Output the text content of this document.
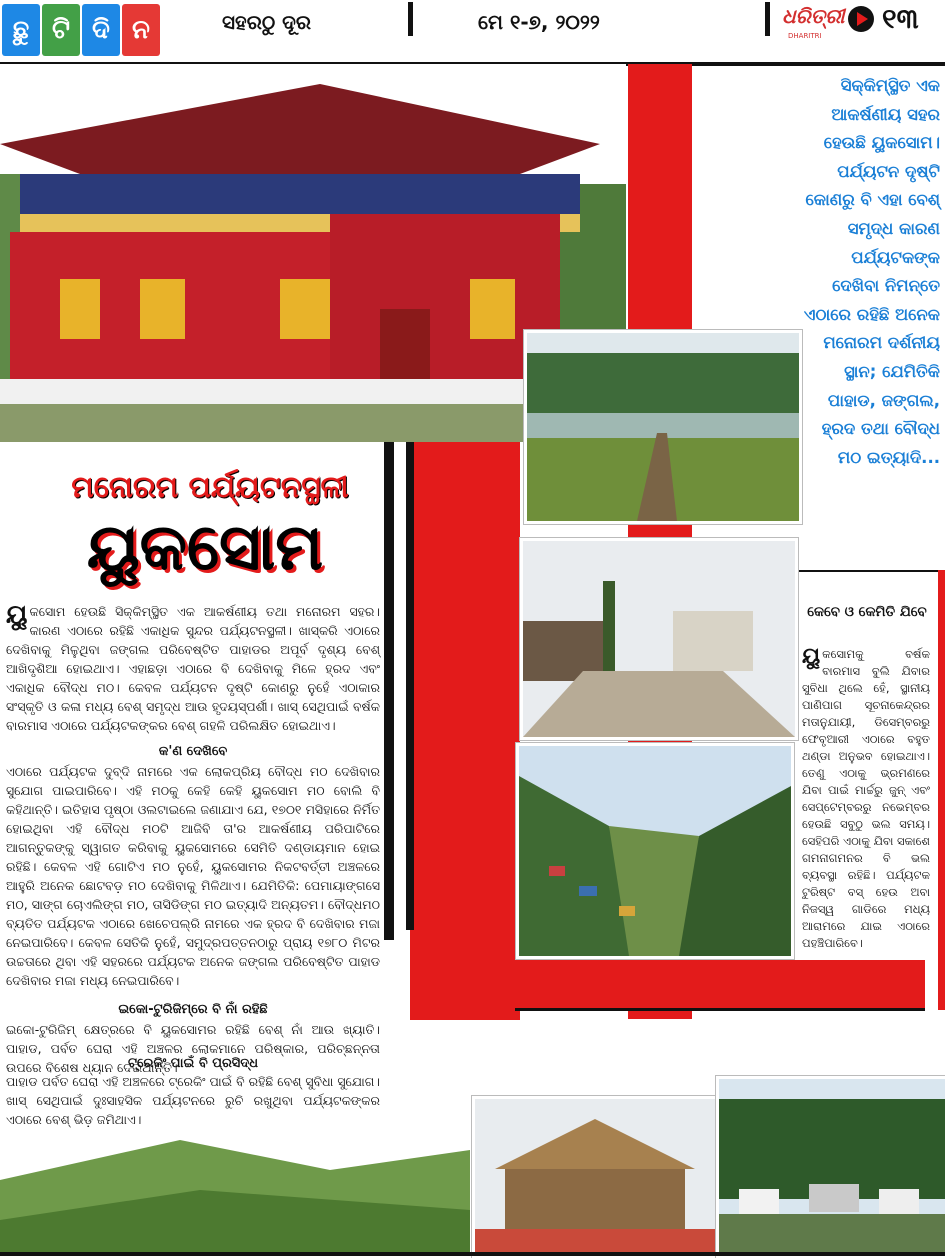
ଛୁ ଟି ଦି ନ	ସହରଠୁ ଦୂର	ମେ ୧-୭, ୨୦୨୨	ଧରିତ୍ରୀ
DHARITRI
୧୩
ମନୋରମ ପର୍ଯ୍ୟଟନସ୍ଥଳୀ
ୟୁକସୋମ
ୟୁକସୋମ ହେଉଛି ସିକ୍କିମ୍‌ସ୍ଥିତ ଏକ ଆକର୍ଷଣୀୟ ତଥା ମନୋରମ ସହର। କାରଣ ଏଠାରେ ରହିଛି ଏକାଧିକ ସୁନ୍ଦର ପର୍ଯ୍ୟଟନସ୍ଥଳୀ। ଖାସ୍‌କରି ଏଠାରେ ଦେଖିବାକୁ ମିଳୁଥିବା ଜଙ୍ଗଲ ପରିବେଷ୍ଟିତ ପାହାଡର ଅପୂର୍ବ ଦୃଶ୍ୟ ବେଶ୍ ଆଖିଦୃଶିଆ ହୋଇଥାଏ। ଏହାଛଡ଼ା ଏଠାରେ ବି ଦେଖିବାକୁ ମିଳେ ହ୍ରଦ ଏବଂ ଏକାଧିକ ବୌଦ୍ଧ ମଠ। କେବଳ ପର୍ଯ୍ୟଟନ ଦୃଷ୍ଟି କୋଣରୁ ନୁହେଁ ଏଠାକାର ସଂସ୍କୃତି ଓ କଳା ମଧ୍ୟ ବେଶ୍ ସମୃଦ୍ଧ ଆଉ ହୃଦୟସ୍ପର୍ଶୀ। ଖାସ୍ ସେଥିପାଇଁ ବର୍ଷକ ବାରମାସ ଏଠାରେ ପର୍ଯ୍ୟଟକଙ୍କର ବେଶ୍ ଗହଳି ପରିଲକ୍ଷିତ ହୋଇଥାଏ।
କ'ଣ ଦେଖିବେ
ଏଠାରେ ପର୍ଯ୍ୟଟକ ଦୁବ୍‌ଦି ନାମରେ ଏକ ଲୋକପ୍ରିୟ ବୌଦ୍ଧ ମଠ ଦେଖିବାର ସୁଯୋଗ ପାଇପାରିବେ। ଏହି ମଠକୁ କେହି କେହି ୟୁକସୋମ ମଠ ବୋଲି ବି କହିଥାନ୍ତି। ଇତିହାସ ପୃଷ୍ଠା ଓଲଟାଇଲେ ଜଣାଯାଏ ଯେ, ୧୭୦୧ ମସିହାରେ ନିର୍ମିତ ହୋଇଥିବା ଏହି ବୌଦ୍ଧ ମଠଟି ଆଜିବି ତା'ର ଆକର୍ଷଣୀୟ ପରିପାଟିରେ ଆଗନ୍ତୁକଙ୍କୁ ସ୍ୱାଗତ କରିବାକୁ ୟୁକସୋମରେ ସେମିତି ଦଣ୍ଡାୟମାନ ହୋଇ ରହିଛି। କେବଳ ଏହି ଗୋଟିଏ ମଠ ନୁହେଁ, ୟୁକସୋମର ନିକଟବର୍ତ୍ତୀ ଅଞ୍ଚଳରେ ଆହୁରି ଅନେକ ଛୋଟବଡ଼ ମଠ ଦେଖିବାକୁ ମିଳିଥାଏ। ଯେମିତିକି: ପେମାୟାଙ୍ଗସେ ମଠ, ସାଙ୍ଗ ଚୋଏଲିଙ୍ଗ ମଠ, ତାସିଡିଙ୍ଗ ମଠ ଇତ୍ୟାଦି ଅନ୍ୟତମ। ବୌଦ୍ଧମଠ ବ୍ୟତିତ ପର୍ଯ୍ୟଟକ ଏଠାରେ ଖେଚେପଲ୍‌ରି ନାମରେ ଏକ ହ୍ରଦ ବି ଦେଖିବାର ମଜା ନେଇପାରିବେ। କେବଳ ସେତିକି ନୁହେଁ, ସମୁଦ୍ରପତ୍ତନଠାରୁ ପ୍ରାୟ ୧୭୮୦ ମିଟର ଉଚ୍ଚତାରେ ଥିବା ଏହି ସହରରେ ପର୍ଯ୍ୟଟକ ଅନେକ ଜଙ୍ଗଲ ପରିବେଷ୍ଟିତ ପାହାଡ ଦେଖିବାର ମଜା ମଧ୍ୟ ନେଇପାରିବେ।
ଇକୋ-ଟୁରିଜିମ୍‌ରେ ବି ନାଁ ରହିଛି
ଇକୋ-ଟୁରିଜିମ୍ କ୍ଷେତ୍ରରେ ବି ୟୁକସୋମର ରହିଛି ବେଶ୍ ନାଁ ଆଉ ଖ୍ୟାତି। ପାହାଡ, ପର୍ବତ ଘେରା ଏହି ଅଞ୍ଚଳର ଲୋକମାନେ ପରିଷ୍କାର, ପରିଚ୍ଛନ୍ନତା ଉପରେ ବିଶେଷ ଧ୍ୟାନ ଦେଇଥାନ୍ତି।
ଟ୍ରେକିଂ ପାଇଁ ବି ପ୍ରସିଦ୍ଧ
ପାହାଡ ପର୍ବତ ଘେରା ଏହି ଅଞ୍ଚଳରେ ଟ୍ରେକିଂ ପାଇଁ ବି ରହିଛି ବେଶ୍ ସୁବିଧା ସୁଯୋଗ। ଖାସ୍ ସେଥିପାଇଁ ଦୁଃସାହସିକ ପର୍ଯ୍ୟଟନରେ ରୁଚି ରଖୁଥିବା ପର୍ଯ୍ୟଟକଙ୍କର ଏଠାରେ ବେଶ୍ ଭିଡ଼ ଜମିଥାଏ।
ସିକ୍କିମ୍‌ସ୍ଥିତ ଏକ ଆକର୍ଷଣୀୟ ସହର ହେଉଛି ୟୁକସୋମ। ପର୍ଯ୍ୟଟନ ଦୃଷ୍ଟି କୋଣରୁ ବି ଏହା ବେଶ୍ ସମୃଦ୍ଧ କାରଣ ପର୍ଯ୍ୟଟକଙ୍କ ଦେଖିବା ନିମନ୍ତେ ଏଠାରେ ରହିଛି ଅନେକ ମନୋରମ ଦର୍ଶନୀୟ ସ୍ଥାନ; ଯେମିତିକି ପାହାଡ, ଜଙ୍ଗଲ, ହ୍ରଦ ତଥା ବୌଦ୍ଧ ମଠ ଇତ୍ୟାଦି...
କେବେ ଓ କେମିତି ଯିବେ
ୟୁକସୋମକୁ ବର୍ଷକ ବାରମାସ ବୁଲି ଯିବାର ସୁବିଧା ଥିଲେ ହେଁ, ସ୍ଥାନୀୟ ପାଣିପାଗ ସୂଚନାକେନ୍ଦ୍ରର ମତାନୁଯାୟୀ, ଡିସେମ୍ବରରୁ ଫେବୃଆରୀ ଏଠାରେ ବହୁତ ଥଣ୍ଡା ଅନୁଭବ ହୋଇଥାଏ। ତେଣୁ ଏଠାକୁ ଭ୍ରମଣରେ ଯିବା ପାଇଁ ମାର୍ଚ୍ଚରୁ ଜୁନ୍ ଏବଂ ସେପ୍ଟେମ୍ବରରୁ ନଭେମ୍ବର ହେଉଛି ସବୁଠୁ ଭଲ ସମୟ। ସେହିପରି ଏଠାକୁ ଯିବା ସକାଶେ ଗମନାଗମନର ବି ଭଲ ବ୍ୟବସ୍ଥା ରହିଛି। ପର୍ଯ୍ୟଟକ ଟୁରିଷ୍ଟ ବସ୍ ହେଉ ଅବା ନିଜସ୍ୱ ଗାଡିରେ ମଧ୍ୟ ଆରାମରେ ଯାଇ ଏଠାରେ ପହଞ୍ଚିପାରିବେ।
